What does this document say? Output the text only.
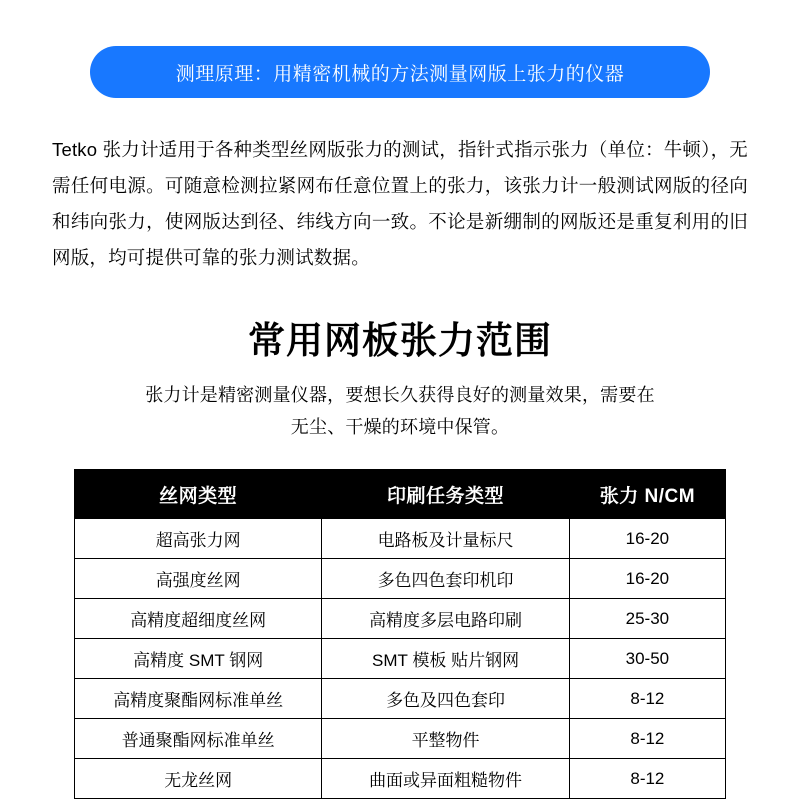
测理原理：用精密机械的方法测量网版上张力的仪器

Tetko 张力计适用于各种类型丝网版张力的测试，指针式指示张力（单位：牛顿），无需任何电源。可随意检测拉紧网布任意位置上的张力，该张力计一般测试网版的径向和纬向张力，使网版达到径、纬线方向一致。不论是新绷制的网版还是重复利用的旧网版，均可提供可靠的张力测试数据。

常用网板张力范围
张力计是精密测量仪器，要想长久获得良好的测量效果，需要在无尘、干燥的环境中保管。
丝网类型	印刷任务类型	张力 N/CM
超高张力网	电路板及计量标尺	16-20
高强度丝网	多色四色套印机印	16-20
高精度超细度丝网	高精度多层电路印刷	25-30
高精度 SMT 钢网	SMT 模板 贴片钢网	30-50
高精度聚酯网标准单丝	多色及四色套印	8-12
普通聚酯网标准单丝	平整物件	8-12
无龙丝网	曲面或异面粗糙物件	8-12
